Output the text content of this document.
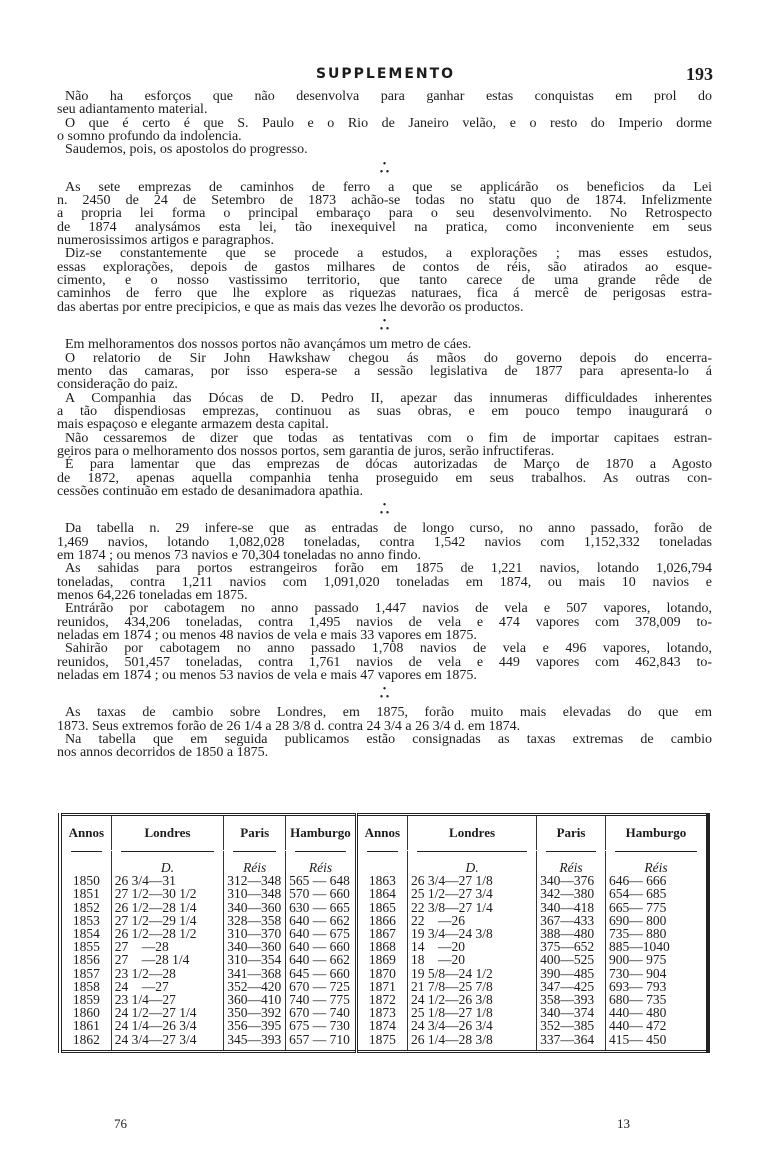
SUPPLEMENTO	193
Não ha esforços que não desenvolva para ganhar estas conquistas em prol do
seu adiantamento material.
O que é certo é que S. Paulo e o Rio de Janeiro velão, e o resto do Imperio dorme
o somno profundo da indolencia.
Saudemos, pois, os apostolos do progresso.
•
• •
As sete emprezas de caminhos de ferro a que se applicárão os beneficios da Lei
n. 2450 de 24 de Setembro de 1873 achão-se todas no statu quo de 1874. Infelizmente
a propria lei forma o principal embaraço para o seu desenvolvimento. No Retrospecto
de 1874 analysámos esta lei, tão inexequivel na pratica, como inconveniente em seus
numerosissimos artigos e paragraphos.
Diz-se constantemente que se procede a estudos, a explorações ; mas esses estudos,
essas explorações, depois de gastos milhares de contos de réis, são atirados ao esque-
cimento, e o nosso vastissimo territorio, que tanto carece de uma grande rêde de
caminhos de ferro que lhe explore as riquezas naturaes, fica á mercê de perigosas estra-
das abertas por entre precipicios, e que as mais das vezes lhe devorão os productos.
•
• •
Em melhoramentos dos nossos portos não avançámos um metro de cáes.
O relatorio de Sir John Hawkshaw chegou ás mãos do governo depois do encerra-
mento das camaras, por isso espera-se a sessão legislativa de 1877 para apresenta-lo á
consideração do paiz.
A Companhia das Dócas de D. Pedro II, apezar das innumeras difficuldades inherentes
a tão dispendiosas emprezas, continuou as suas obras, e em pouco tempo inaugurará o
mais espaçoso e elegante armazem desta capital.
Não cessaremos de dizer que todas as tentativas com o fim de importar capitaes estran-
geiros para o melhoramento dos nossos portos, sem garantia de juros, serão infructiferas.
É para lamentar que das emprezas de dócas autorizadas de Março de 1870 a Agosto
de 1872, apenas aquella companhia tenha proseguido em seus trabalhos. As outras con-
cessões continuão em estado de desanimadora apathia.
•
• •
Da tabella n. 29 infere-se que as entradas de longo curso, no anno passado, forão de
1,469 navios, lotando 1,082,028 toneladas, contra 1,542 navios com 1,152,332 toneladas
em 1874 ; ou menos 73 navios e 70,304 toneladas no anno findo.
As sahidas para portos estrangeiros forão em 1875 de 1,221 navios, lotando 1,026,794
toneladas, contra 1,211 navios com 1,091,020 toneladas em 1874, ou mais 10 navios e
menos 64,226 toneladas em 1875.
Entrárão por cabotagem no anno passado 1,447 navios de vela e 507 vapores, lotando,
reunidos, 434,206 toneladas, contra 1,495 navios de vela e 474 vapores com 378,009 to-
neladas em 1874 ; ou menos 48 navios de vela e mais 33 vapores em 1875.
Sahirão por cabotagem no anno passado 1,708 navios de vela e 496 vapores, lotando,
reunidos, 501,457 toneladas, contra 1,761 navios de vela e 449 vapores com 462,843 to-
neladas em 1874 ; ou menos 53 navios de vela e mais 47 vapores em 1875.
•
• •
As taxas de cambio sobre Londres, em 1875, forão muito mais elevadas do que em
1873. Seus extremos forão de 26 1/4 a 28 3/8 d. contra 24 3/4 a 26 3/4 d. em 1874.
Na tabella que em seguida publicamos estão consignadas as taxas extremas de cambio
nos annos decorridos de 1850 a 1875.
Annos	Londres	Paris	Hamburgo	Annos	Londres	Paris	Hamburgo

	D.	Réis	Réis		D.	Réis	Réis
1850	26 3/4—31	312—348	565 — 648	1863	26 3/4—27 1/8	340—376	646— 666
1851	27 1/2—30 1/2	310—348	570 — 660	1864	25 1/2—27 3/4	342—380	654— 685
1852	26 1/2—28 1/4	340—360	630 — 665	1865	22 3/8—27 1/4	340—418	665— 775
1853	27 1/2—29 1/4	328—358	640 — 662	1866	22    —26	367—433	690— 800
1854	26 1/2—28 1/2	310—370	640 — 675	1867	19 3/4—24 3/8	388—480	735— 880
1855	27    —28	340—360	640 — 660	1868	14    —20	375—652	885—1040
1856	27    —28 1/4	310—354	640 — 662	1869	18    —20	400—525	900— 975
1857	23 1/2—28	341—368	645 — 660	1870	19 5/8—24 1/2	390—485	730— 904
1858	24    —27	352—420	670 — 725	1871	21 7/8—25 7/8	347—425	693— 793
1859	23 1/4—27	360—410	740 — 775	1872	24 1/2—26 3/8	358—393	680— 735
1860	24 1/2—27 1/4	350—392	670 — 740	1873	25 1/8—27 1/8	340—374	440— 480
1861	24 1/4—26 3/4	356—395	675 — 730	1874	24 3/4—26 3/4	352—385	440— 472
1862	24 3/4—27 3/4	345—393	657 — 710	1875	26 1/4—28 3/8	337—364	415— 450
76	13
